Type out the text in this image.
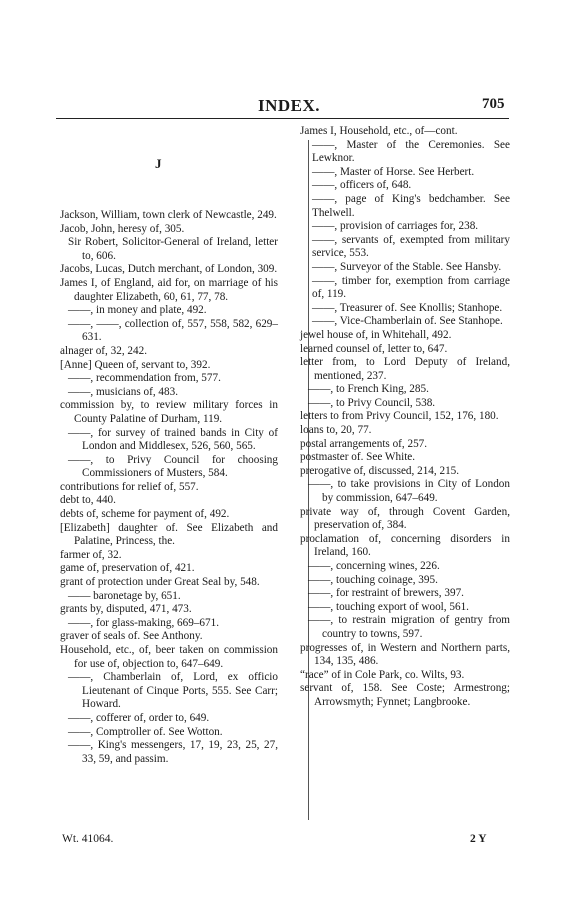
INDEX.	705
J
Jackson, William, town clerk of Newcastle, 249.
Jacob, John, heresy of, 305.
Sir Robert, Solicitor-General of Ireland, letter to, 606.
Jacobs, Lucas, Dutch merchant, of London, 309.
James I, of England, aid for, on marriage of his daughter Elizabeth, 60, 61, 77, 78.
——, in money and plate, 492.
——, ——, collection of, 557, 558, 582, 629–631.
alnager of, 32, 242.
[Anne] Queen of, servant to, 392.
——, recommendation from, 577.
——, musicians of, 483.
commission by, to review military forces in County Palatine of Durham, 119.
——, for survey of trained bands in City of London and Middlesex, 526, 560, 565.
——, to Privy Council for choosing Commissioners of Musters, 584.
contributions for relief of, 557.
debt to, 440.
debts of, scheme for payment of, 492.
[Elizabeth] daughter of. See Elizabeth and Palatine, Princess, the.
farmer of, 32.
game of, preservation of, 421.
grant of protection under Great Seal by, 548.
—— baronetage by, 651.
grants by, disputed, 471, 473.
——, for glass-making, 669–671.
graver of seals of. See Anthony.
Household, etc., of, beer taken on commission for use of, objection to, 647–649.
——, Chamberlain of, Lord, ex officio Lieutenant of Cinque Ports, 555. See Carr; Howard.
——, cofferer of, order to, 649.
——, Comptroller of. See Wotton.
——, King's messengers, 17, 19, 23, 25, 27, 33, 59, and passim.
James I, Household, etc., of—cont.
——, Master of the Ceremonies. See Lewknor.
——, Master of Horse. See Herbert.
——, officers of, 648.
——, page of King's bedchamber. See Thelwell.
——, provision of carriages for, 238.
——, servants of, exempted from military service, 553.
——, Surveyor of the Stable. See Hansby.
——, timber for, exemption from carriage of, 119.
——, Treasurer of. See Knollis; Stanhope.
——, Vice-Chamberlain of. See Stanhope.
jewel house of, in Whitehall, 492.
learned counsel of, letter to, 647.
letter from, to Lord Deputy of Ireland, mentioned, 237.
——, to French King, 285.
——, to Privy Council, 538.
letters to from Privy Council, 152, 176, 180.
loans to, 20, 77.
postal arrangements of, 257.
postmaster of. See White.
prerogative of, discussed, 214, 215.
——, to take provisions in City of London by commission, 647–649.
private way of, through Covent Garden, preservation of, 384.
proclamation of, concerning disorders in Ireland, 160.
——, concerning wines, 226.
——, touching coinage, 395.
——, for restraint of brewers, 397.
——, touching export of wool, 561.
——, to restrain migration of gentry from country to towns, 597.
progresses of, in Western and Northern parts, 134, 135, 486.
“race” of in Cole Park, co. Wilts, 93.
servant of, 158. See Coste; Armestrong; Arrowsmyth; Fynnet; Langbrooke.
Wt. 41064.	2 Y
